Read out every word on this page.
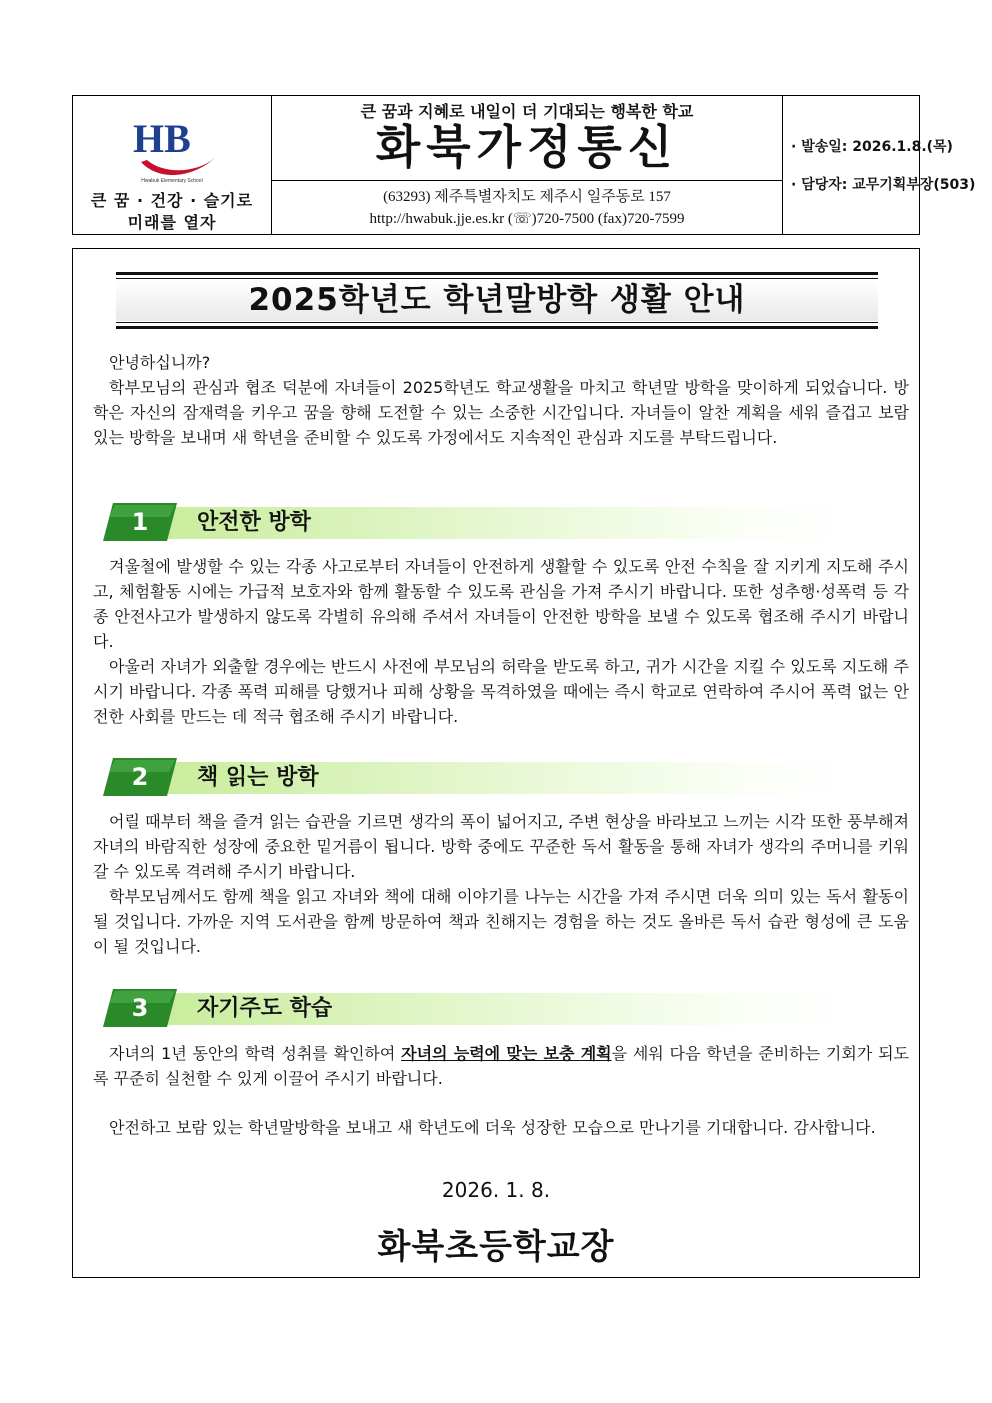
HB
Hwabuk Elementary School
큰 꿈 · 건강 · 슬기로
미래를 열자
큰 꿈과 지혜로 내일이 더 기대되는 행복한 학교
화북가정통신
(63293) 제주특별자치도 제주시 일주동로 157
http://hwabuk.jje.es.kr (☏)720-7500 (fax)720-7599
· 발송일: 2026.1.8.(목)
· 담당자: 교무기획부장(503)
2025학년도 학년말방학 생활 안내

안녕하십니까?

학부모님의 관심과 협조 덕분에 자녀들이 2025학년도 학교생활을 마치고 학년말 방학을 맞이하게 되었습니다. 방학은 자신의 잠재력을 키우고 꿈을 향해 도전할 수 있는 소중한 시간입니다. 자녀들이 알찬 계획을 세워 즐겁고 보람 있는 방학을 보내며 새 학년을 준비할 수 있도록 가정에서도 지속적인 관심과 지도를 부탁드립니다.

1	안전한 방학

겨울철에 발생할 수 있는 각종 사고로부터 자녀들이 안전하게 생활할 수 있도록 안전 수칙을 잘 지키게 지도해 주시고, 체험활동 시에는 가급적 보호자와 함께 활동할 수 있도록 관심을 가져 주시기 바랍니다. 또한 성추행·성폭력 등 각종 안전사고가 발생하지 않도록 각별히 유의해 주셔서 자녀들이 안전한 방학을 보낼 수 있도록 협조해 주시기 바랍니다.

아울러 자녀가 외출할 경우에는 반드시 사전에 부모님의 허락을 받도록 하고, 귀가 시간을 지킬 수 있도록 지도해 주시기 바랍니다. 각종 폭력 피해를 당했거나 피해 상황을 목격하였을 때에는 즉시 학교로 연락하여 주시어 폭력 없는 안전한 사회를 만드는 데 적극 협조해 주시기 바랍니다.

2	책 읽는 방학

어릴 때부터 책을 즐겨 읽는 습관을 기르면 생각의 폭이 넓어지고, 주변 현상을 바라보고 느끼는 시각 또한 풍부해져 자녀의 바람직한 성장에 중요한 밑거름이 됩니다. 방학 중에도 꾸준한 독서 활동을 통해 자녀가 생각의 주머니를 키워 갈 수 있도록 격려해 주시기 바랍니다.

학부모님께서도 함께 책을 읽고 자녀와 책에 대해 이야기를 나누는 시간을 가져 주시면 더욱 의미 있는 독서 활동이 될 것입니다. 가까운 지역 도서관을 함께 방문하여 책과 친해지는 경험을 하는 것도 올바른 독서 습관 형성에 큰 도움이 될 것입니다.

3	자기주도 학습

자녀의 1년 동안의 학력 성취를 확인하여 자녀의 능력에 맞는 보충 계획을 세워 다음 학년을 준비하는 기회가 되도록 꾸준히 실천할 수 있게 이끌어 주시기 바랍니다.

안전하고 보람 있는 학년말방학을 보내고 새 학년도에 더욱 성장한 모습으로 만나기를 기대합니다. 감사합니다.

2026. 1. 8.
화북초등학교장
